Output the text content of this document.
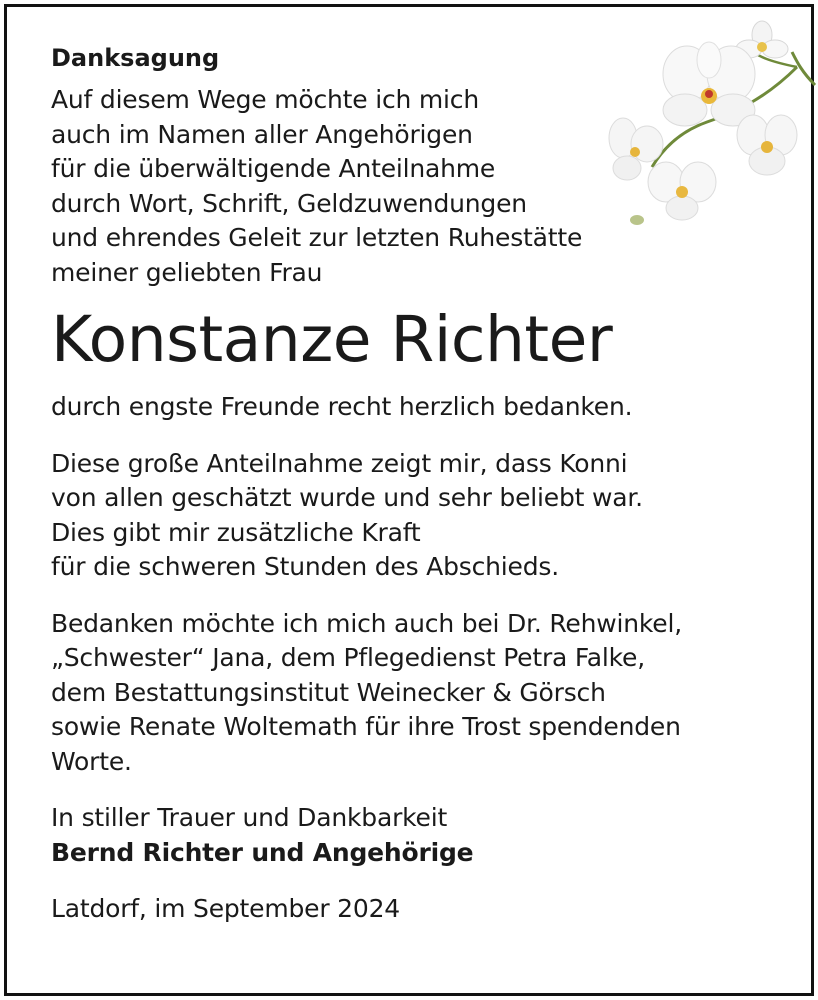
Danksagung

Auf diesem Wege möchte ich mich
auch im Namen aller Angehörigen
für die überwältigende Anteilnahme
durch Wort, Schrift, Geldzuwendungen
und ehrendes Geleit zur letzten Ruhestätte
meiner geliebten Frau

Konstanze Richter

durch engste Freunde recht herzlich bedanken.

Diese große Anteilnahme zeigt mir, dass Konni
von allen geschätzt wurde und sehr beliebt war.
Dies gibt mir zusätzliche Kraft
für die schweren Stunden des Abschieds.

Bedanken möchte ich mich auch bei Dr. Rehwinkel,
„Schwester“ Jana, dem Pflegedienst Petra Falke,
dem Bestattungsinstitut Weinecker & Görsch
sowie Renate Woltemath für ihre Trost spendenden
Worte.

In stiller Trauer und Dankbarkeit
Bernd Richter und Angehörige

Latdorf, im September 2024
